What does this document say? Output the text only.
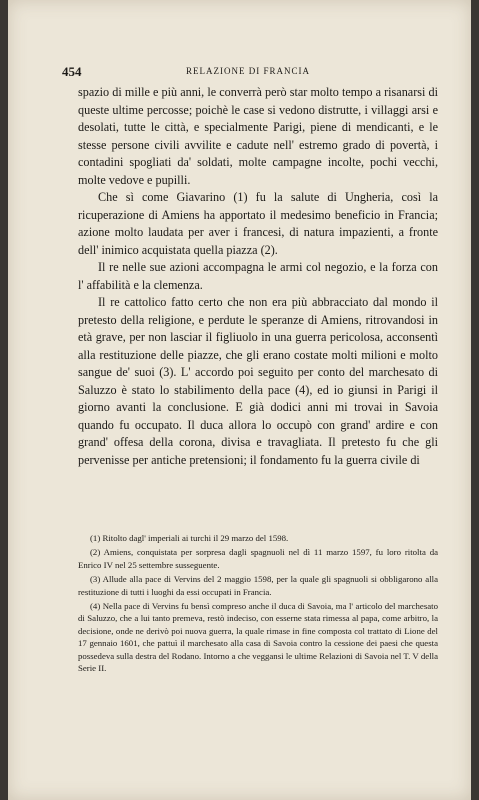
454	RELAZIONE DI FRANCIA

spazio di mille e più anni, le converrà però star molto tempo a risanarsi di queste ultime percosse; poichè le case si vedono distrutte, i villaggi arsi e desolati, tutte le città, e specialmente Parigi, piene di mendicanti, e le stesse persone civili avvilite e cadute nell' estremo grado di povertà, i contadini spogliati da' soldati, molte campagne incolte, pochi vecchi, molte vedove e pupilli.

Che sì come Giavarino (1) fu la salute di Ungheria, così la ricuperazione di Amiens ha apportato il medesimo beneficio in Francia; azione molto laudata per aver i francesi, di natura impazienti, a fronte dell' inimico acquistata quella piazza (2).

Il re nelle sue azioni accompagna le armi col negozio, e la forza con l' affabilità e la clemenza.

Il re cattolico fatto certo che non era più abbracciato dal mondo il pretesto della religione, e perdute le speranze di Amiens, ritrovandosi in età grave, per non lasciar il figliuolo in una guerra pericolosa, acconsentì alla restituzione delle piazze, che gli erano costate molti milioni e molto sangue de' suoi (3). L' accordo poi seguito per conto del marchesato di Saluzzo è stato lo stabilimento della pace (4), ed io giunsi in Parigi il giorno avanti la conclusione. E già dodici anni mi trovai in Savoia quando fu occupato. Il duca allora lo occupò con grand' ardire e con grand' offesa della corona, divisa e travagliata. Il pretesto fu che gli pervenisse per antiche pretensioni; il fondamento fu la guerra civile di

(1) Ritolto dagl' imperiali ai turchi il 29 marzo del 1598.

(2) Amiens, conquistata per sorpresa dagli spagnuoli nel dì 11 marzo 1597, fu loro ritolta da Enrico IV nel 25 settembre susseguente.

(3) Allude alla pace di Vervins del 2 maggio 1598, per la quale gli spagnuoli si obbligarono alla restituzione di tutti i luoghi da essi occupati in Francia.

(4) Nella pace di Vervins fu bensì compreso anche il duca di Savoia, ma l' articolo del marchesato di Saluzzo, che a lui tanto premeva, restò indeciso, con esserne stata rimessa al papa, come arbitro, la decisione, onde ne derivò poi nuova guerra, la quale rimase in fine composta col trattato di Lione del 17 gennaio 1601, che pattuì il marchesato alla casa di Savoia contro la cessione dei paesi che questa possedeva sulla destra del Rodano. Intorno a che veggansi le ultime Relazioni di Savoia nel T. V della Serie II.
